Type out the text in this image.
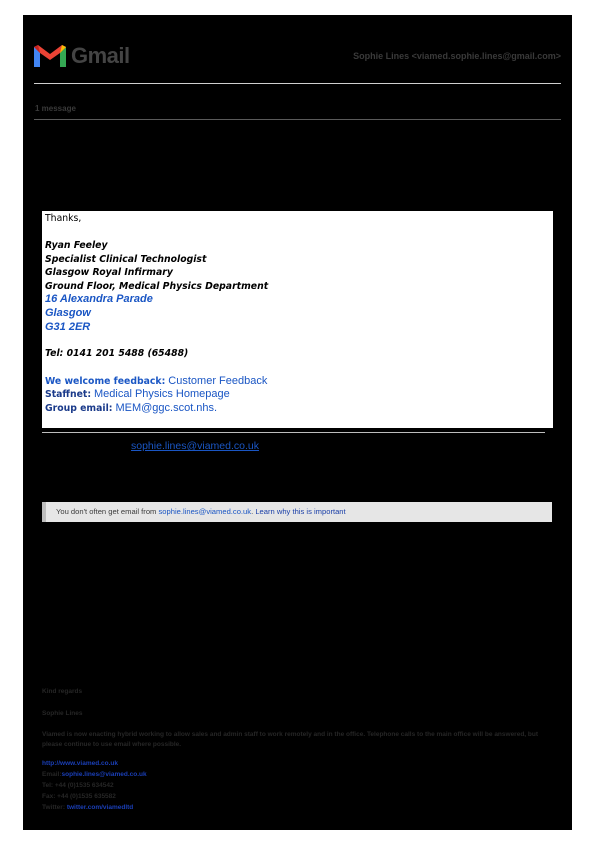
Gmail	Sophie Lines <viamed.sophie.lines@gmail.com>
1 message
Thanks,
Ryan Feeley
Specialist Clinical Technologist
Glasgow Royal Infirmary
Ground Floor, Medical Physics Department
16 Alexandra Parade
Glasgow
G31 2ER
Tel: 0141 201 5488 (65488)
We welcome feedback: Customer Feedback
Staffnet: Medical Physics Homepage
Group email: MEM@ggc.scot.nhs.
sophie.lines@viamed.co.uk
You don't often get email from sophie.lines@viamed.co.uk. Learn why this is important
Kind regards
Sophie Lines
Viamed is now enacting hybrid working to allow sales and admin staff to work remotely and in the office. Telephone calls to the main office will be answered, but please continue to use email where possible.
http://www.viamed.co.uk
Email:sophie.lines@viamed.co.uk
Tel: +44 (0)1535 634542
Fax: +44 (0)1535 635582
Twitter: twitter.com/viamedltd
